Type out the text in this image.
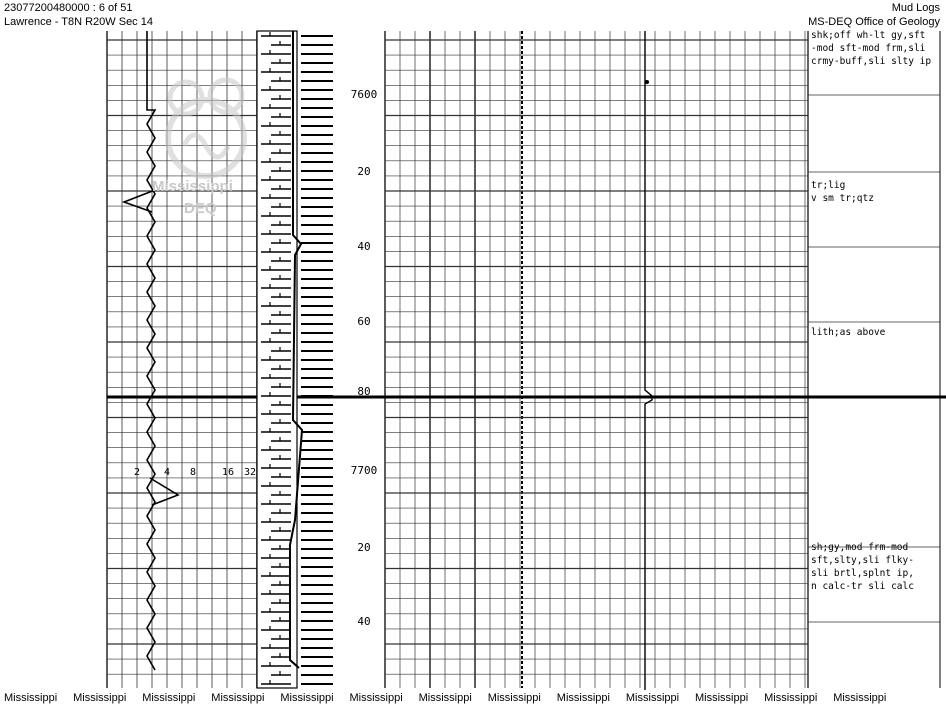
23077200480000 : 6 of 51
Lawrence - T8N R20W Sec 14
Mud Logs
MS-DEQ Office of Geology
7600
20
40
60
80
7700
20
40
2 4 8	16 32
shk;off wh-lt gy,sft
-mod sft-mod frm,sli
crmy-buff,sli slty ip
tr;lig
v sm tr;qtz
lith;as above
sh;gy,mod frm-mod
sft,slty,sli flky-
sli brtl,splnt ip,
n calc-tr sli calc
Mississippi
DEQ
Mississippi Mississippi Mississippi Mississippi Mississippi Mississippi Mississippi Mississippi Mississippi Mississippi Mississippi Mississippi Mississippi
